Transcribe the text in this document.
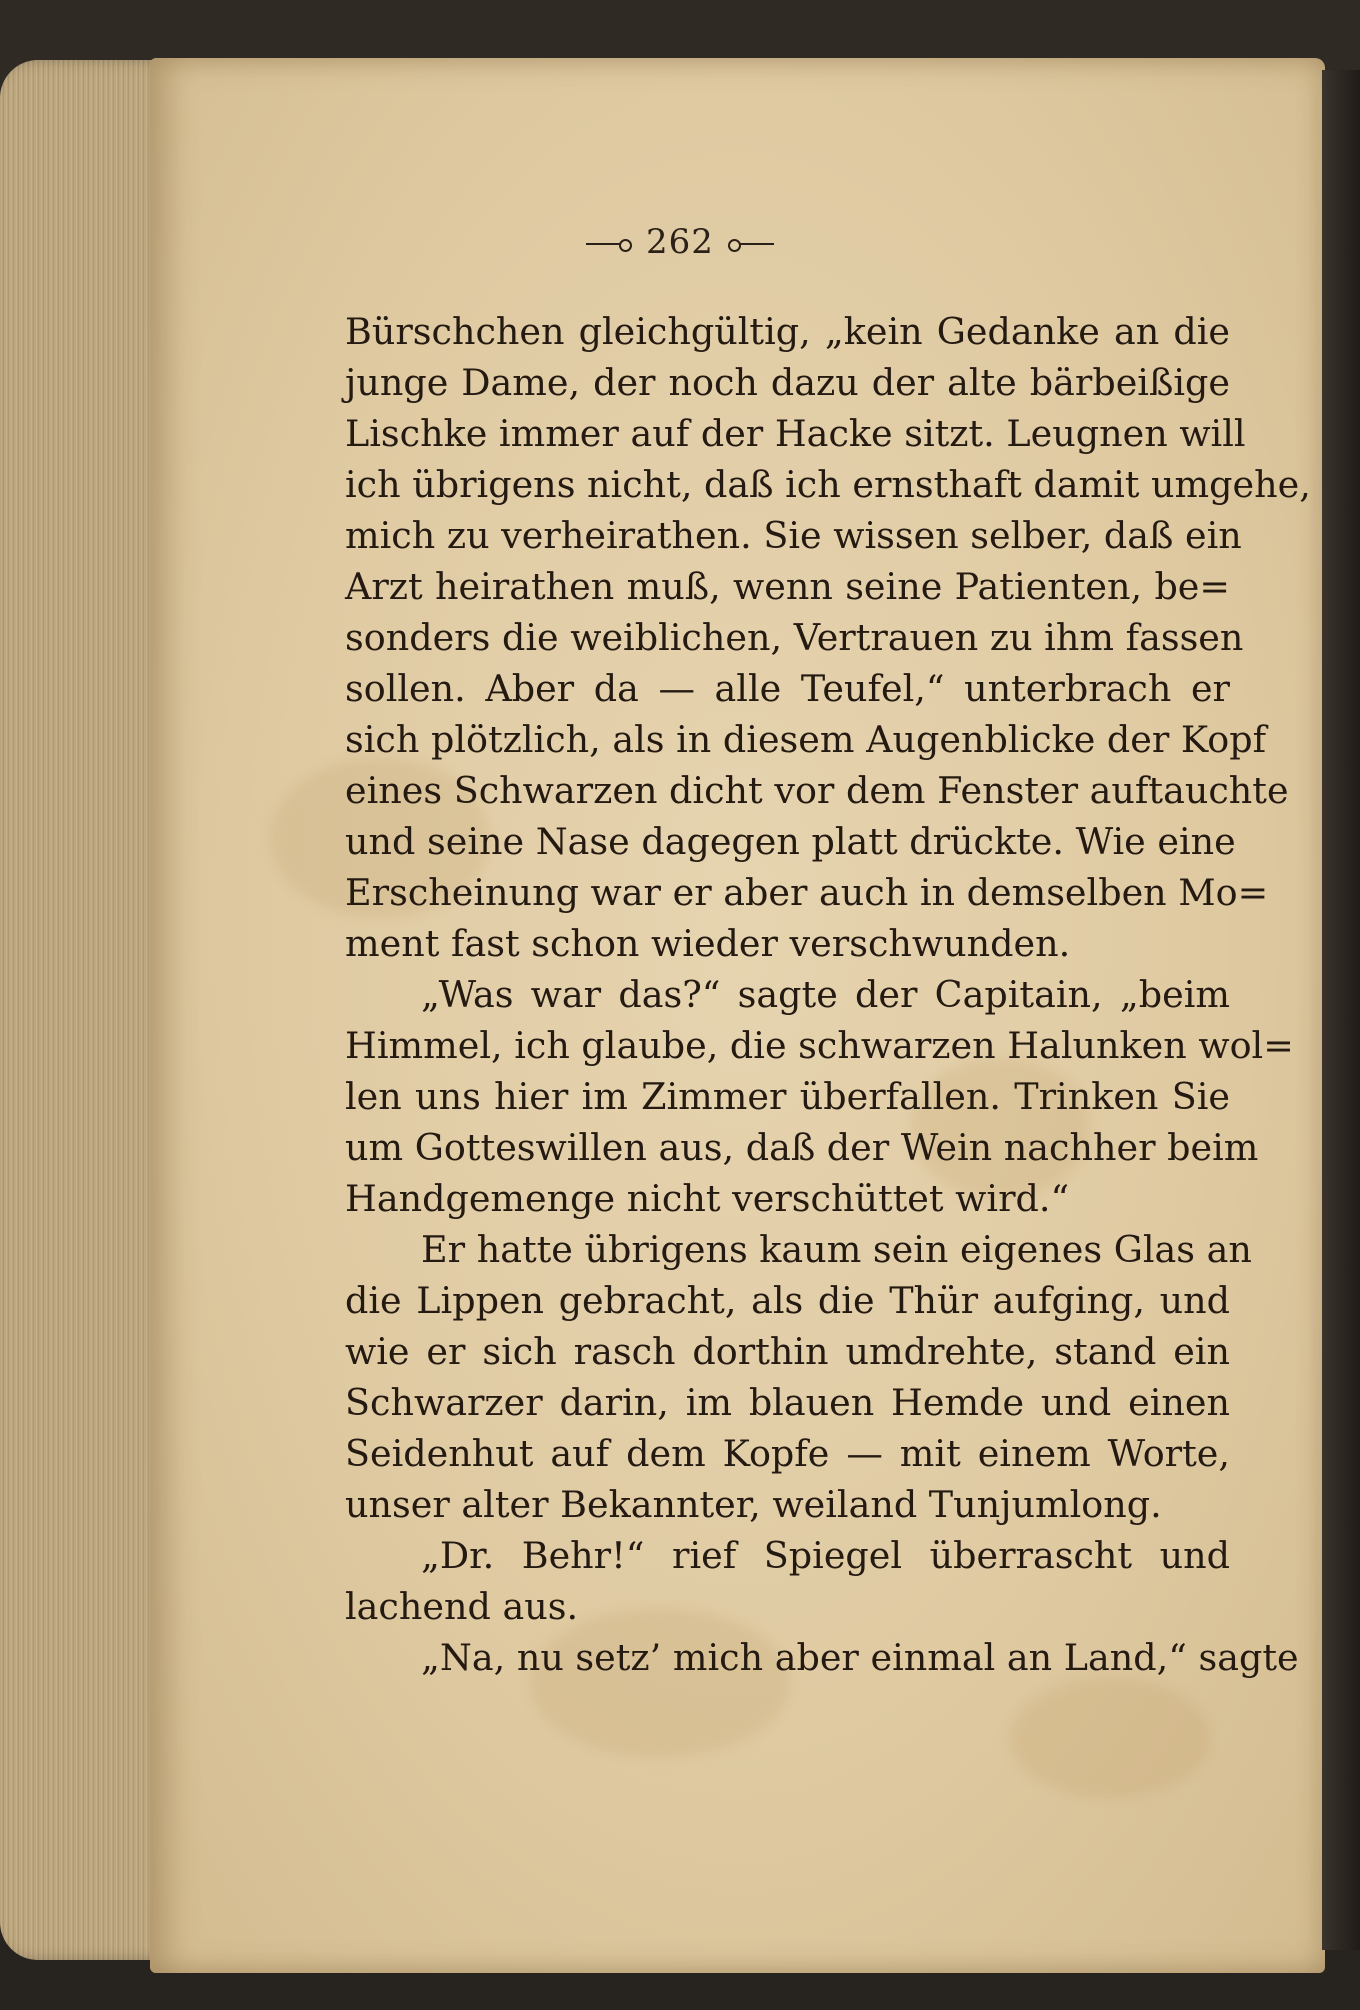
262
Bürschchen gleichgültig, „kein Gedanke an die
junge Dame, der noch dazu der alte bärbeißige
Lischke immer auf der Hacke sitzt. Leugnen will
ich übrigens nicht, daß ich ernsthaft damit umgehe,
mich zu verheirathen. Sie wissen selber, daß ein
Arzt heirathen muß, wenn seine Patienten, be=
sonders die weiblichen, Vertrauen zu ihm fassen
sollen. Aber da — alle Teufel,“ unterbrach er
sich plötzlich, als in diesem Augenblicke der Kopf
eines Schwarzen dicht vor dem Fenster auftauchte
und seine Nase dagegen platt drückte. Wie eine
Erscheinung war er aber auch in demselben Mo=
ment fast schon wieder verschwunden.
„Was war das?“ sagte der Capitain, „beim
Himmel, ich glaube, die schwarzen Halunken wol=
len uns hier im Zimmer überfallen. Trinken Sie
um Gotteswillen aus, daß der Wein nachher beim
Handgemenge nicht verschüttet wird.“
Er hatte übrigens kaum sein eigenes Glas an
die Lippen gebracht, als die Thür aufging, und
wie er sich rasch dorthin umdrehte, stand ein
Schwarzer darin, im blauen Hemde und einen
Seidenhut auf dem Kopfe — mit einem Worte,
unser alter Bekannter, weiland Tunjumlong.
„Dr. Behr!“ rief Spiegel überrascht und
lachend aus.
„Na, nu setz’ mich aber einmal an Land,“ sagte
